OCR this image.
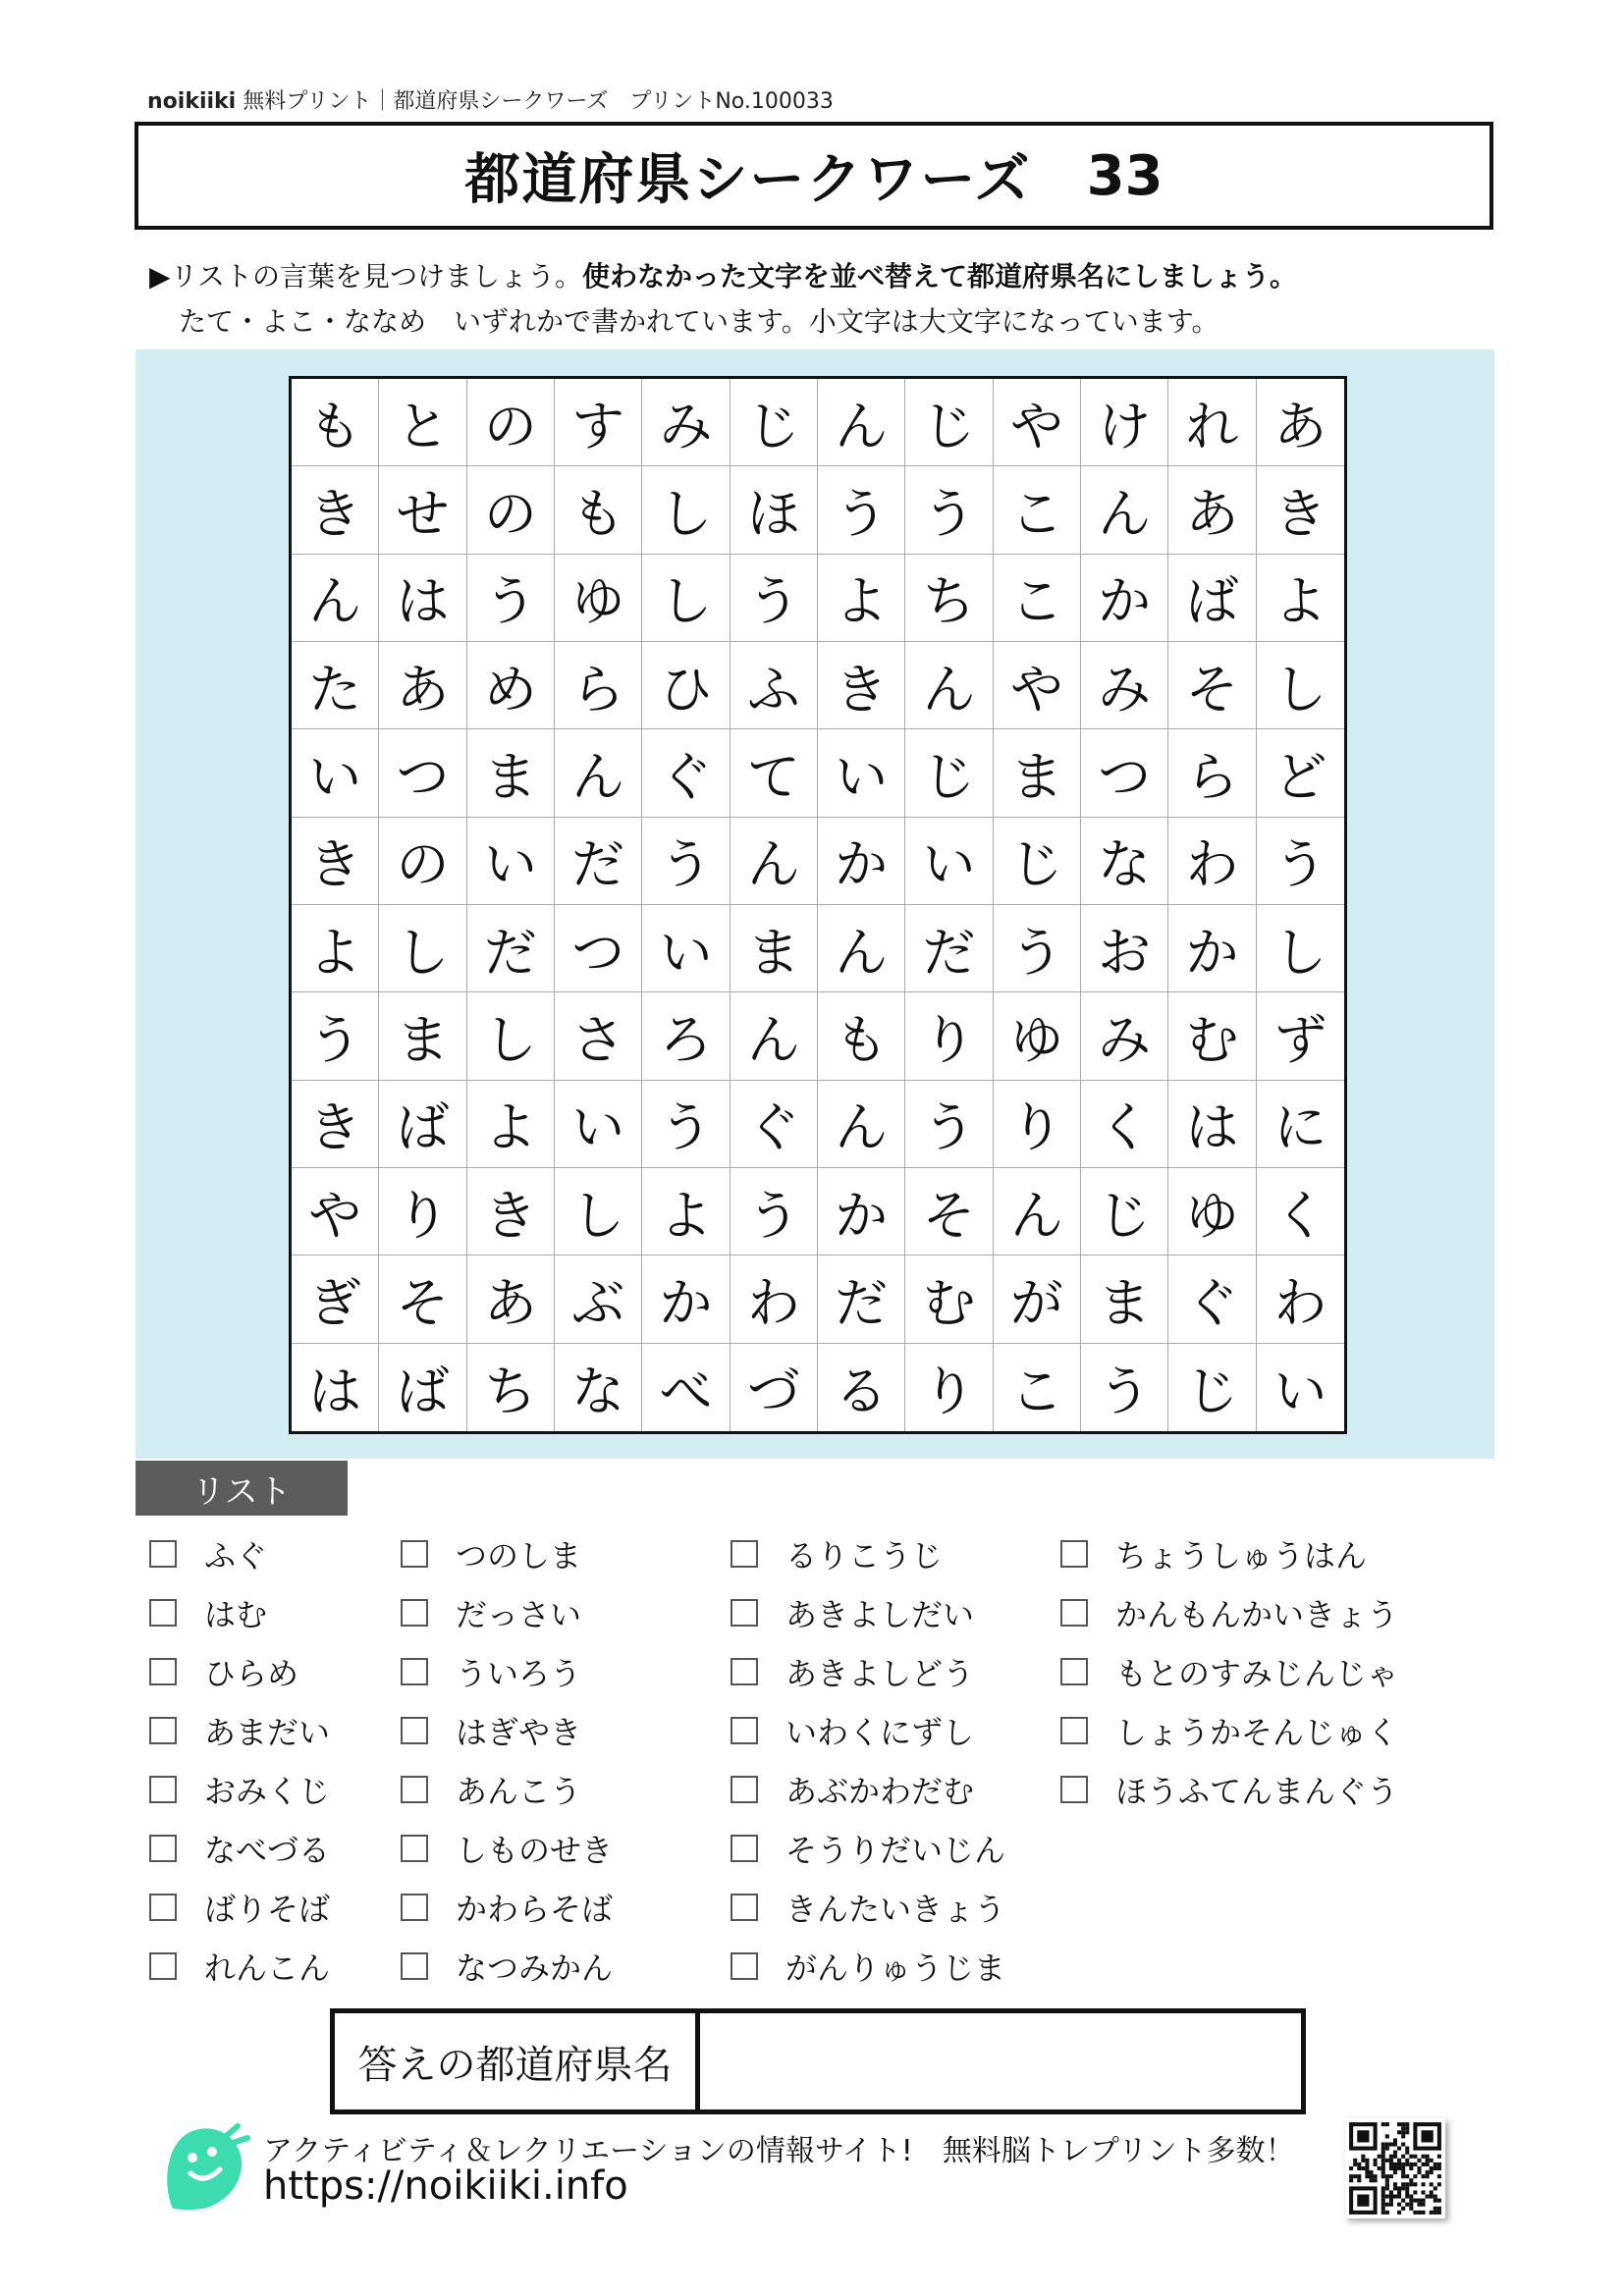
noikiiki 無料プリント｜都道府県シークワーズ　プリントNo.100033
都道府県シークワーズ 33
▶リストの言葉を見つけましょう。使わなかった文字を並べ替えて都道府県名にしましょう。
たて・よこ・ななめ　いずれかで書かれています。小文字は大文字になっています。
も と の す み じ ん じ や け れ あ
き せ の も し ほ う う こ ん あ き
ん は う ゆ し う よ ち こ か ば よ
た あ め ら ひ ふ き ん や み そ し
い つ ま ん ぐ て い じ ま つ ら ど
き の い だ う ん か い じ な わ う
よ し だ つ い ま ん だ う お か し
う ま し さ ろ ん も り ゆ み む ず
き ば よ い う ぐ ん う り く は に
や り き し よ う か そ ん じ ゆ く
ぎ そ あ ぶ か わ だ む が ま ぐ わ
は ば ち な べ づ る り こ う じ い
リスト
ふぐ
はむ
ひらめ
あまだい
おみくじ
なべづる
ばりそば
れんこん
つのしま
だっさい
ういろう
はぎやき
あんこう
しものせき
かわらそば
なつみかん
るりこうじ
あきよしだい
あきよしどう
いわくにずし
あぶかわだむ
そうりだいじん
きんたいきょう
がんりゅうじま
ちょうしゅうはん
かんもんかいきょう
もとのすみじんじゃ
しょうかそんじゅく
ほうふてんまんぐう
答えの都道府県名
アクティビティ＆レクリエーションの情報サイト!　無料脳トレプリント多数！
https://noikiiki.info
